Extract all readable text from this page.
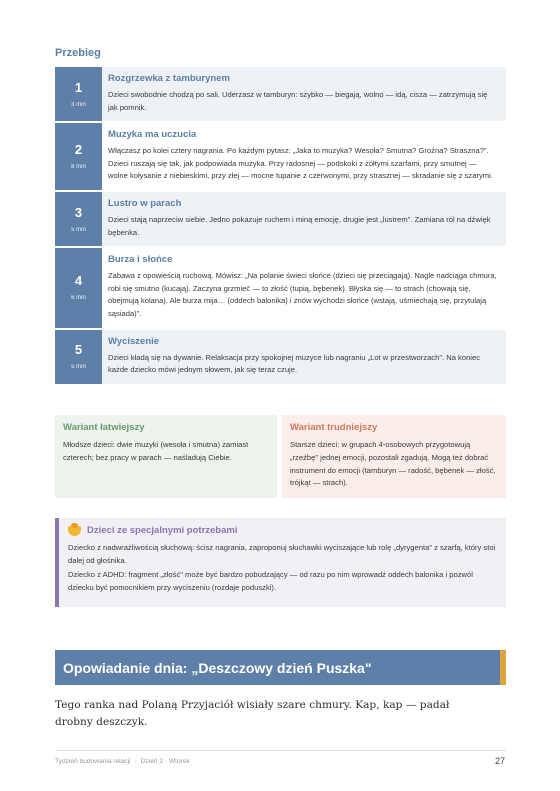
Przebieg
1
3 min
Rozgrzewka z tamburynem
Dzieci swobodnie chodzą po sali. Uderzasz w tamburyn: szybko — biegają, wolno — idą, cisza — zatrzymują się jak pomnik.
2
8 min
Muzyka ma uczucia
Włączasz po kolei cztery nagrania. Po każdym pytasz: „Jaka to muzyka? Wesoła? Smutna? Groźna? Straszna?". Dzieci ruszają się tak, jak podpowiada muzyka. Przy radosnej — podskoki z żółtymi szarfami, przy smutnej — wolne kołysanie z niebieskimi, przy złej — mocne tupanie z czerwonymi, przy strasznej — skradanie się z szarymi.
3
5 min
Lustro w parach
Dzieci stają naprzeciw siebie. Jedno pokazuje ruchem i miną emocję, drugie jest „lustrem". Zamiana ról na dźwięk bębenka.
4
6 min
Burza i słońce
Zabawa z opowieścią ruchową. Mówisz: „Na polanie świeci słońce (dzieci się przeciągają). Nagle nadciąga chmura, robi się smutno (kucają). Zaczyna grzmieć — to złość (tupią, bębenek). Błyska się — to strach (chowają się, obejmują kolana). Ale burza mija… (oddech balonika) i znów wychodzi słońce (wstają, uśmiechają się, przytulają sąsiada)".
5
5 min
Wyciszenie
Dzieci kładą się na dywanie. Relaksacja przy spokojnej muzyce lub nagraniu „Lot w przestworzach". Na koniec każde dziecko mówi jednym słowem, jak się teraz czuje.
Wariant łatwiejszy
Młodsze dzieci: dwie muzyki (wesoła i smutna) zamiast czterech; bez pracy w parach — naśladują Ciebie.
Wariant trudniejszy
Starsze dzieci: w grupach 4-osobowych przygotowują „rzeźbę" jednej emocji, pozostali zgadują. Mogą też dobrać instrument do emocji (tamburyn — radość, bębenek — złość, trójkąt — strach).
Dzieci ze specjalnymi potrzebami

Dziecko z nadwrażliwością słuchową: ścisz nagrania, zaproponuj słuchawki wyciszające lub rolę „dyrygenta" z szarfą, który stoi dalej od głośnika.

Dziecko z ADHD: fragment „złość" może być bardzo pobudzający — od razu po nim wprowadź oddech balonika i pozwól dziecku być pomocnikiem przy wyciszeniu (rozdaje poduszki).

Opowiadanie dnia: „Deszczowy dzień Puszka"
Tego ranka nad Polaną Przyjaciół wisiały szare chmury. Kap, kap — padał drobny deszczyk.
Tydzień budowania relacji · Dzień 2 · Wtorek	27
